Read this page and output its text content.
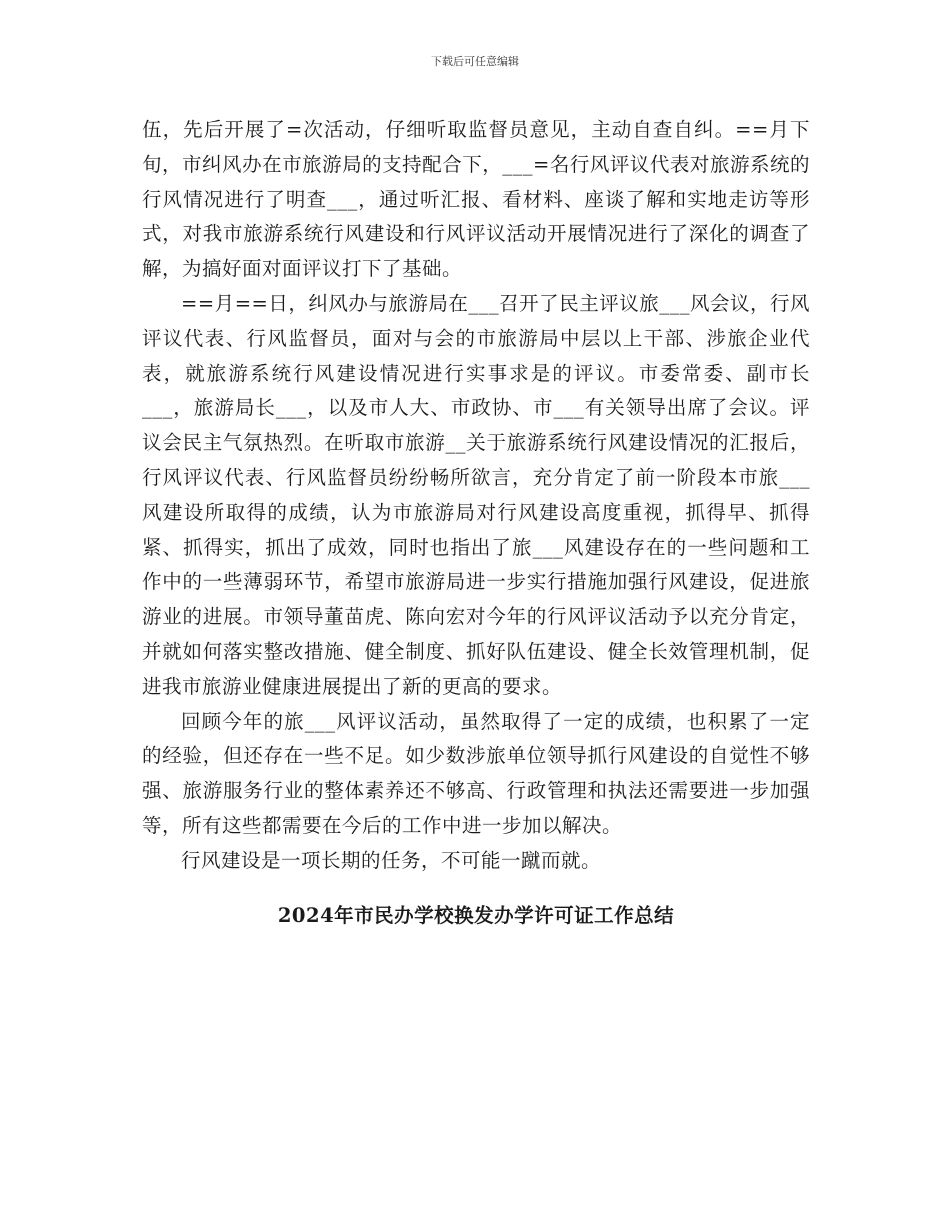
下载后可任意编辑

伍，先后开展了=次活动，仔细听取监督员意见，主动自查自纠。==月下旬，市纠风办在市旅游局的支持配合下，___=名行风评议代表对旅游系统的行风情况进行了明查___，通过听汇报、看材料、座谈了解和实地走访等形式，对我市旅游系统行风建设和行风评议活动开展情况进行了深化的调查了解，为搞好面对面评议打下了基础。

==月==日，纠风办与旅游局在___召开了民主评议旅___风会议，行风评议代表、行风监督员，面对与会的市旅游局中层以上干部、涉旅企业代表，就旅游系统行风建设情况进行实事求是的评议。市委常委、副市长___，旅游局长___，以及市人大、市政协、市___有关领导出席了会议。评议会民主气氛热烈。在听取市旅游__关于旅游系统行风建设情况的汇报后，行风评议代表、行风监督员纷纷畅所欲言，充分肯定了前一阶段本市旅___风建设所取得的成绩，认为市旅游局对行风建设高度重视，抓得早、抓得紧、抓得实，抓出了成效，同时也指出了旅___风建设存在的一些问题和工作中的一些薄弱环节，希望市旅游局进一步实行措施加强行风建设，促进旅游业的进展。市领导董苗虎、陈向宏对今年的行风评议活动予以充分肯定，并就如何落实整改措施、健全制度、抓好队伍建设、健全长效管理机制，促进我市旅游业健康进展提出了新的更高的要求。

回顾今年的旅___风评议活动，虽然取得了一定的成绩，也积累了一定的经验，但还存在一些不足。如少数涉旅单位领导抓行风建设的自觉性不够强、旅游服务行业的整体素养还不够高、行政管理和执法还需要进一步加强等，所有这些都需要在今后的工作中进一步加以解决。

行风建设是一项长期的任务，不可能一蹴而就。

2024年市民办学校换发办学许可证工作总结
